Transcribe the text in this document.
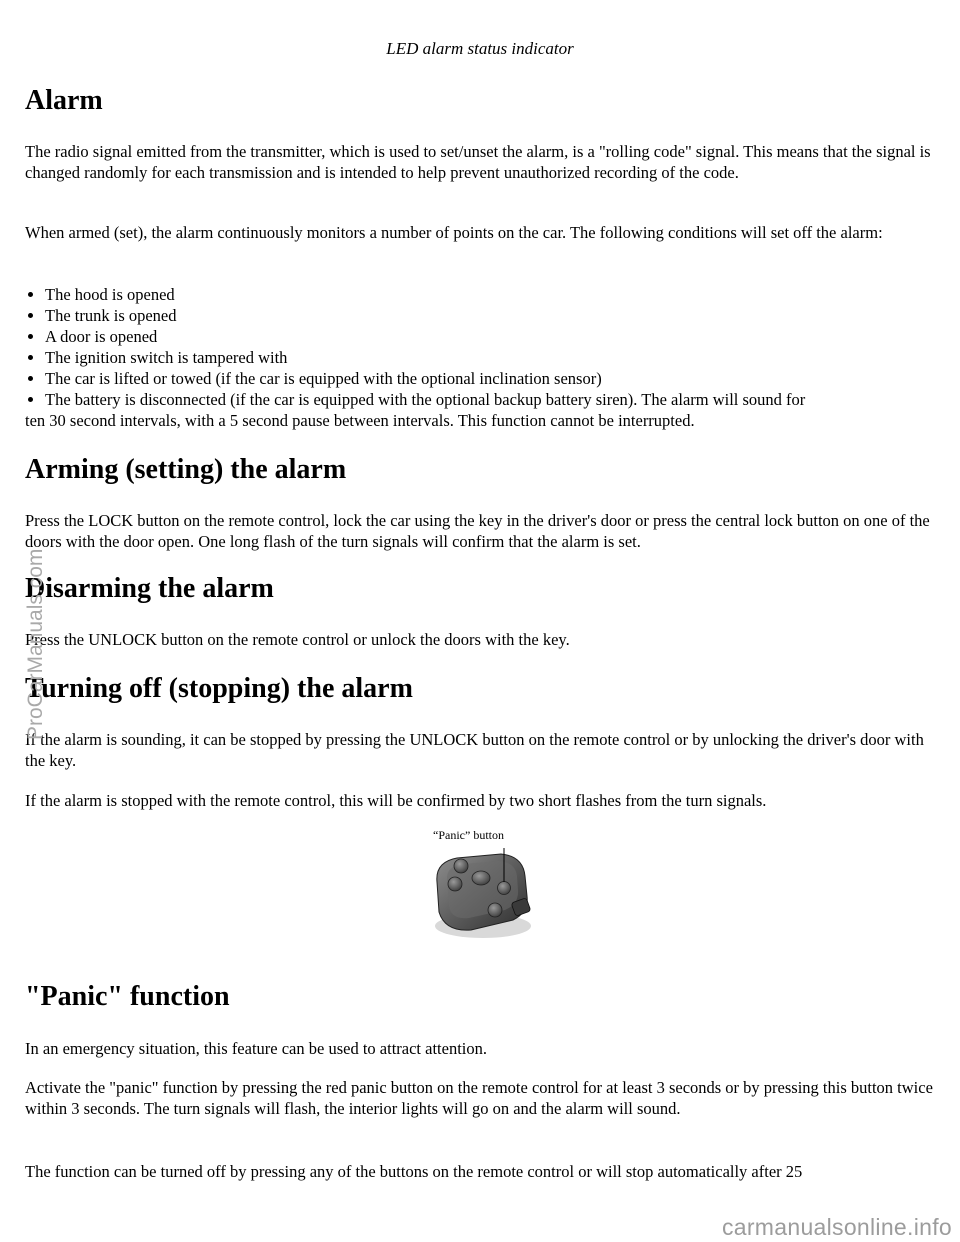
LED alarm status indicator
Alarm

The radio signal emitted from the transmitter, which is used to set/unset the alarm, is a "rolling code" signal. This means that the signal is changed randomly for each transmission and is intended to help prevent unauthorized recording of the code.

When armed (set), the alarm continuously monitors a number of points on the car. The following conditions will set off the alarm:

The hood is opened
The trunk is opened
A door is opened
The ignition switch is tampered with
The car is lifted or towed (if the car is equipped with the optional inclination sensor)
The battery is disconnected (if the car is equipped with the optional backup battery siren). The alarm will sound for

ten 30 second intervals, with a 5 second pause between intervals. This function cannot be interrupted.

Arming (setting) the alarm

Press the LOCK button on the remote control, lock the car using the key in the driver's door or press the central lock button on one of the doors with the door open. One long flash of the turn signals will confirm that the alarm is set.

Disarming the alarm

Press the UNLOCK button on the remote control or unlock the doors with the key.

Turning off (stopping) the alarm

If the alarm is sounding, it can be stopped by pressing the UNLOCK button on the remote control or by unlocking the driver's door with the key.

If the alarm is stopped with the remote control, this will be confirmed by two short flashes from the turn signals.

“Panic” button
"Panic" function

In an emergency situation, this feature can be used to attract attention.

Activate the "panic" function by pressing the red panic button on the remote control for at least 3 seconds or by pressing this button twice within 3 seconds. The turn signals will flash, the interior lights will go on and the alarm will sound.

The function can be turned off by pressing any of the buttons on the remote control or will stop automatically after 25

ProCarManuals.com
carmanualsonline.info
